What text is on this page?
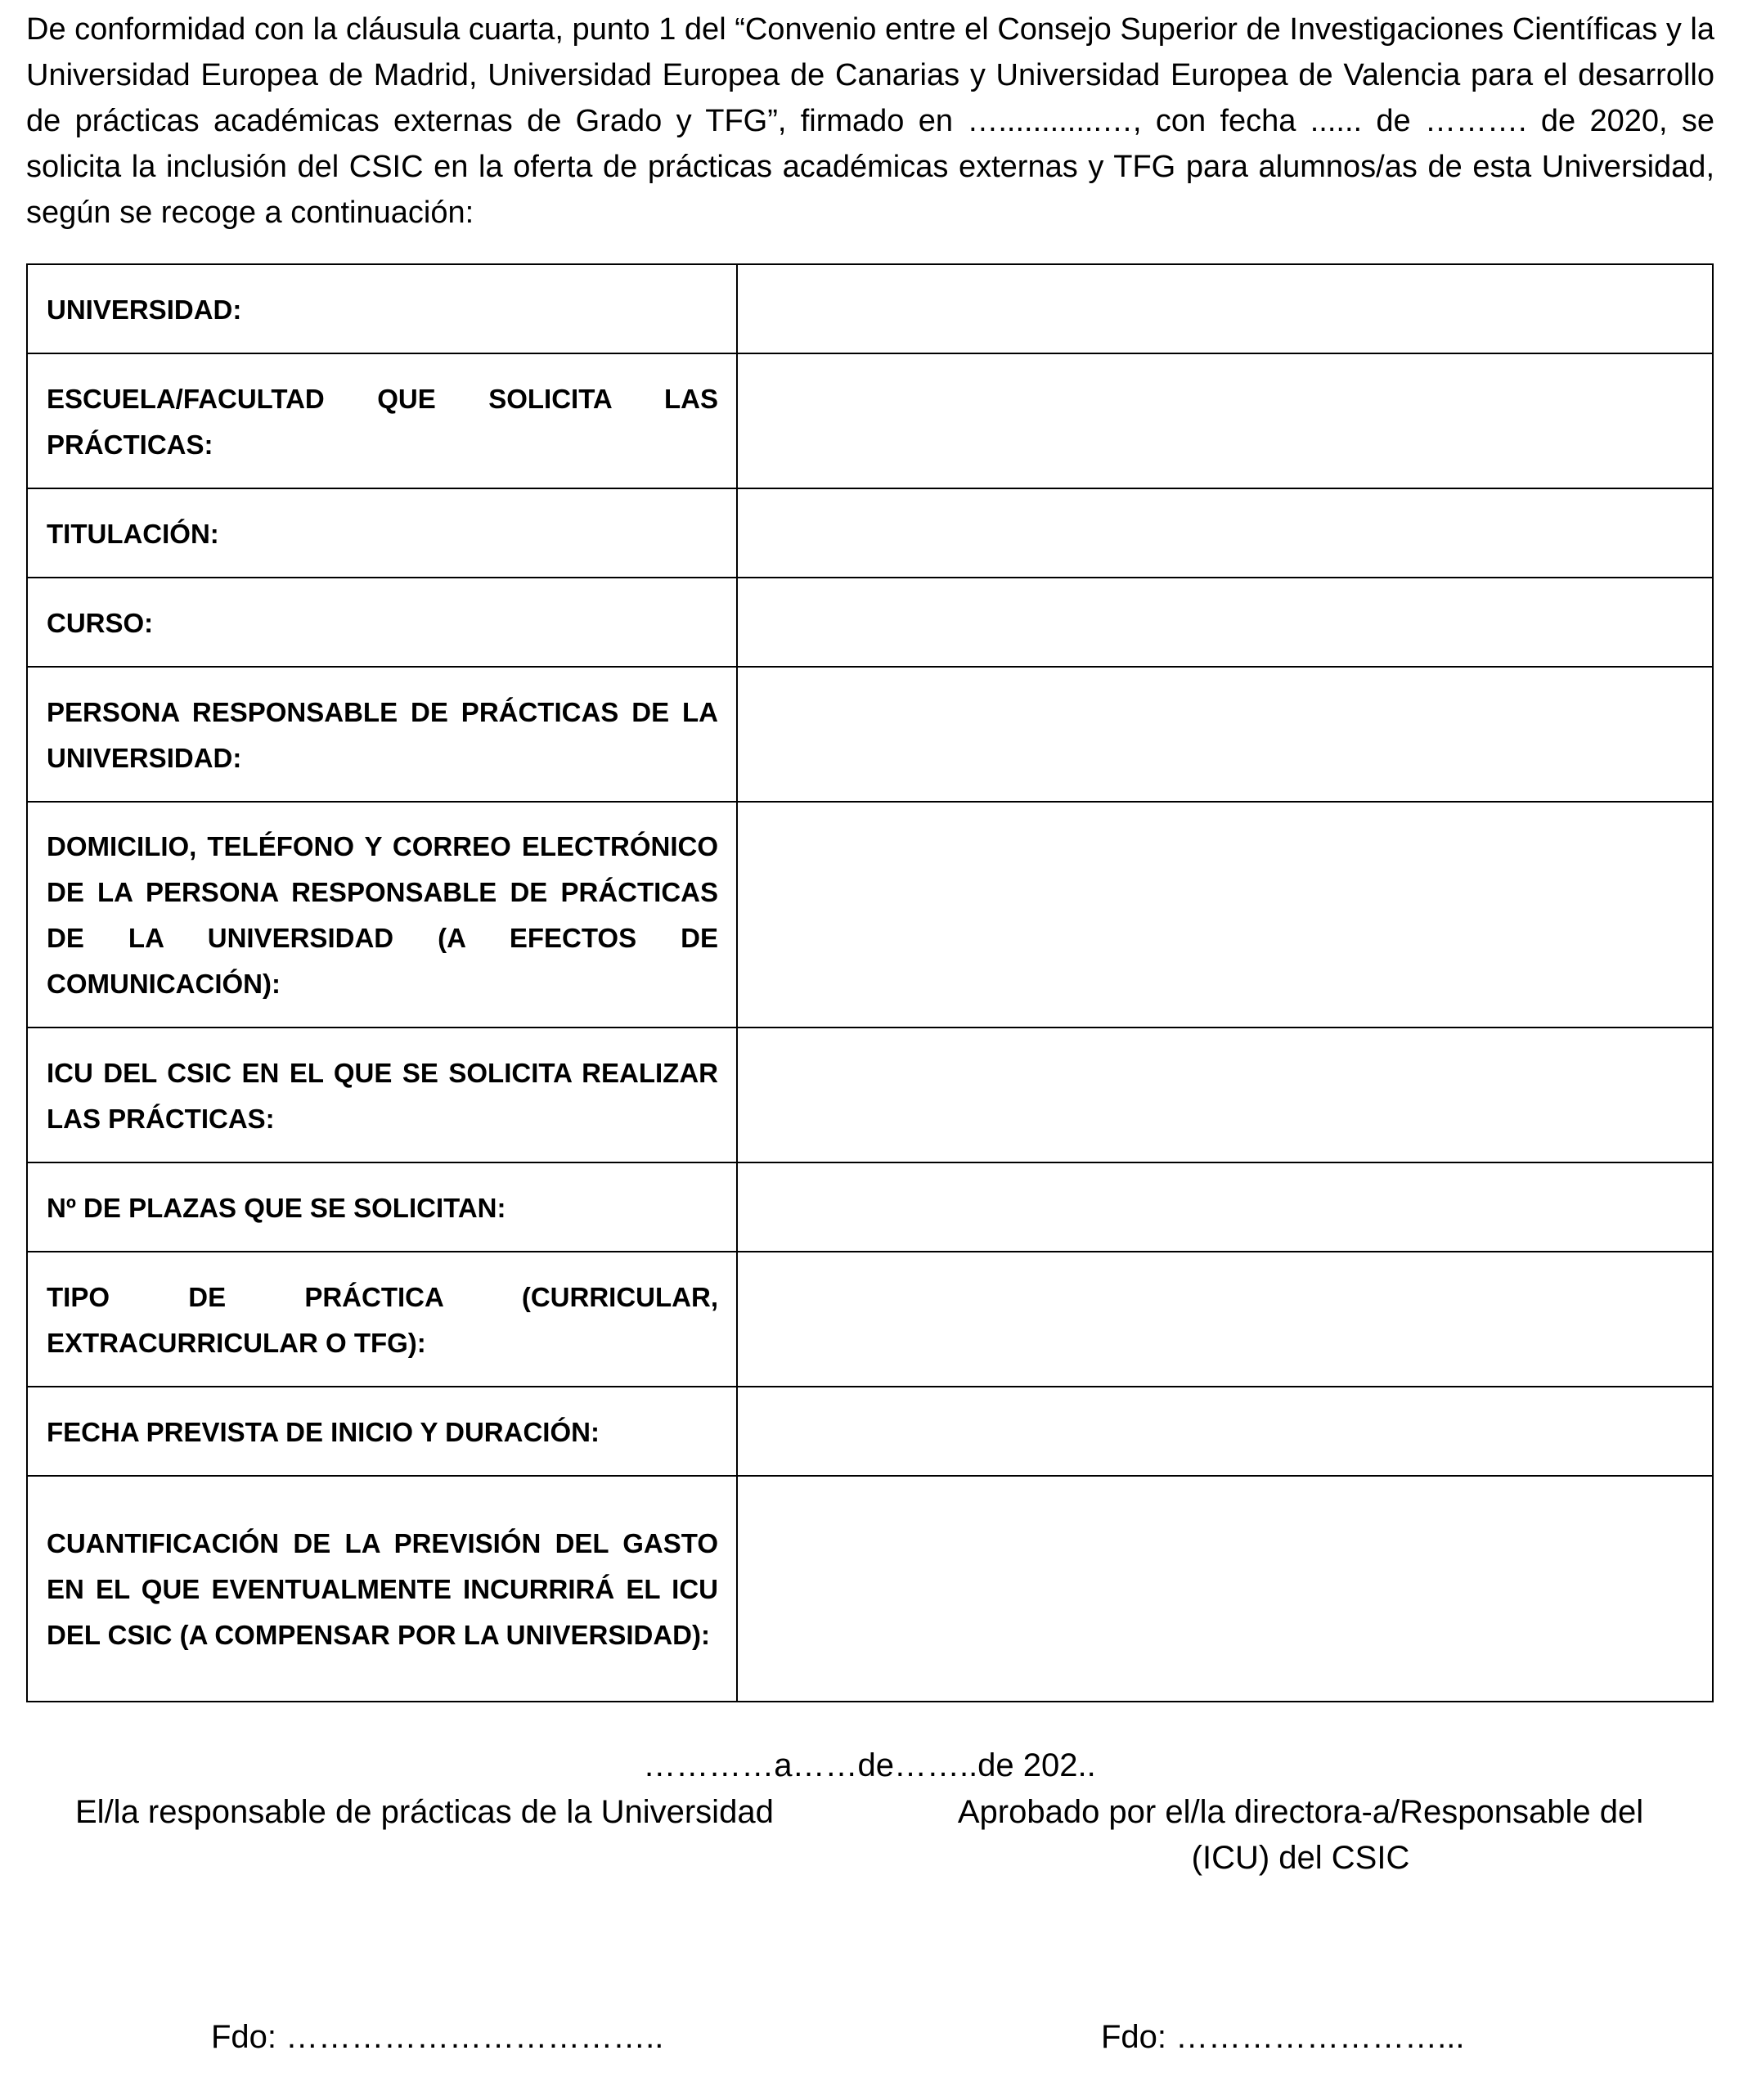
De conformidad con la cláusula cuarta, punto 1 del “Convenio entre el Consejo Superior de Investigaciones Científicas y la Universidad Europea de Madrid, Universidad Europea de Canarias y Universidad Europea de Valencia para el desarrollo de prácticas académicas externas de Grado y TFG”, firmado en …............…, con fecha ...... de ………. de 2020, se solicita la inclusión del CSIC en la oferta de prácticas académicas externas y TFG para alumnos/as de esta Universidad, según se recoge a continuación:

UNIVERSIDAD:	

ESCUELA/FACULTAD QUE SOLICITA LAS PRÁCTICAS:	

TITULACIÓN:	

CURSO:	

PERSONA RESPONSABLE DE PRÁCTICAS DE LA UNIVERSIDAD:	

DOMICILIO, TELÉFONO Y CORREO ELECTRÓNICO DE LA PERSONA RESPONSABLE DE PRÁCTICAS DE LA UNIVERSIDAD (A EFECTOS DE COMUNICACIÓN):	

ICU DEL CSIC EN EL QUE SE SOLICITA REALIZAR LAS PRÁCTICAS:	

Nº DE PLAZAS QUE SE SOLICITAN:	

TIPO DE PRÁCTICA (CURRICULAR, EXTRACURRICULAR O TFG):	

FECHA PREVISTA DE INICIO Y DURACIÓN:	

CUANTIFICACIÓN DE LA PREVISIÓN DEL GASTO EN EL QUE EVENTUALMENTE INCURRIRÁ EL ICU DEL CSIC (A COMPENSAR POR LA UNIVERSIDAD):	

…………a……de……..de 202..
El/la responsable de prácticas de la Universidad	Aprobado por el/la directora-a/Responsable del (ICU) del CSIC
Fdo: ……………………………..	Fdo: ……………………...
